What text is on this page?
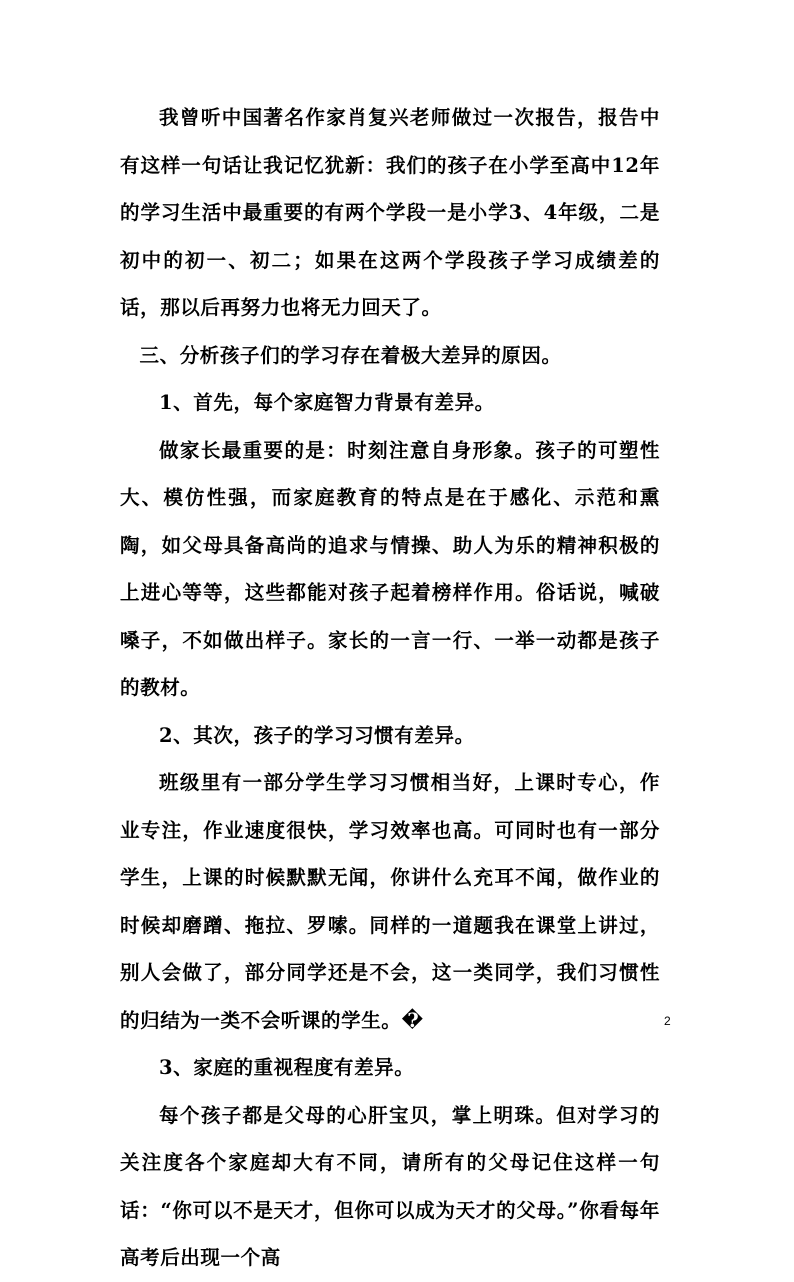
我曾听中国著名作家肖复兴老师做过一次报告，报告中有这样一句话让我记忆犹新：我们的孩子在小学至高中12年的学习生活中最重要的有两个学段一是小学3、4年级，二是初中的初一、初二；如果在这两个学段孩子学习成绩差的话，那以后再努力也将无力回天了。

三、分析孩子们的学习存在着极大差异的原因。

1、首先，每个家庭智力背景有差异。

做家长最重要的是：时刻注意自身形象。孩子的可塑性大、模仿性强，而家庭教育的特点是在于感化、示范和熏陶，如父母具备高尚的追求与情操、助人为乐的精神积极的上进心等等，这些都能对孩子起着榜样作用。俗话说，喊破嗓子，不如做出样子。家长的一言一行、一举一动都是孩子的教材。

2、其次，孩子的学习习惯有差异。

班级里有一部分学生学习习惯相当好，上课时专心，作业专注，作业速度很快，学习效率也高。可同时也有一部分学生，上课的时候默默无闻，你讲什么充耳不闻，做作业的时候却磨蹭、拖拉、罗嗦。同样的一道题我在课堂上讲过，别人会做了，部分同学还是不会，这一类同学，我们习惯性的归结为一类不会听课的学生。�

3、家庭的重视程度有差异。

每个孩子都是父母的心肝宝贝，掌上明珠。但对学习的关注度各个家庭却大有不同，请所有的父母记住这样一句话：“你可以不是天才，但你可以成为天才的父母。”你看每年高考后出现一个高

2
